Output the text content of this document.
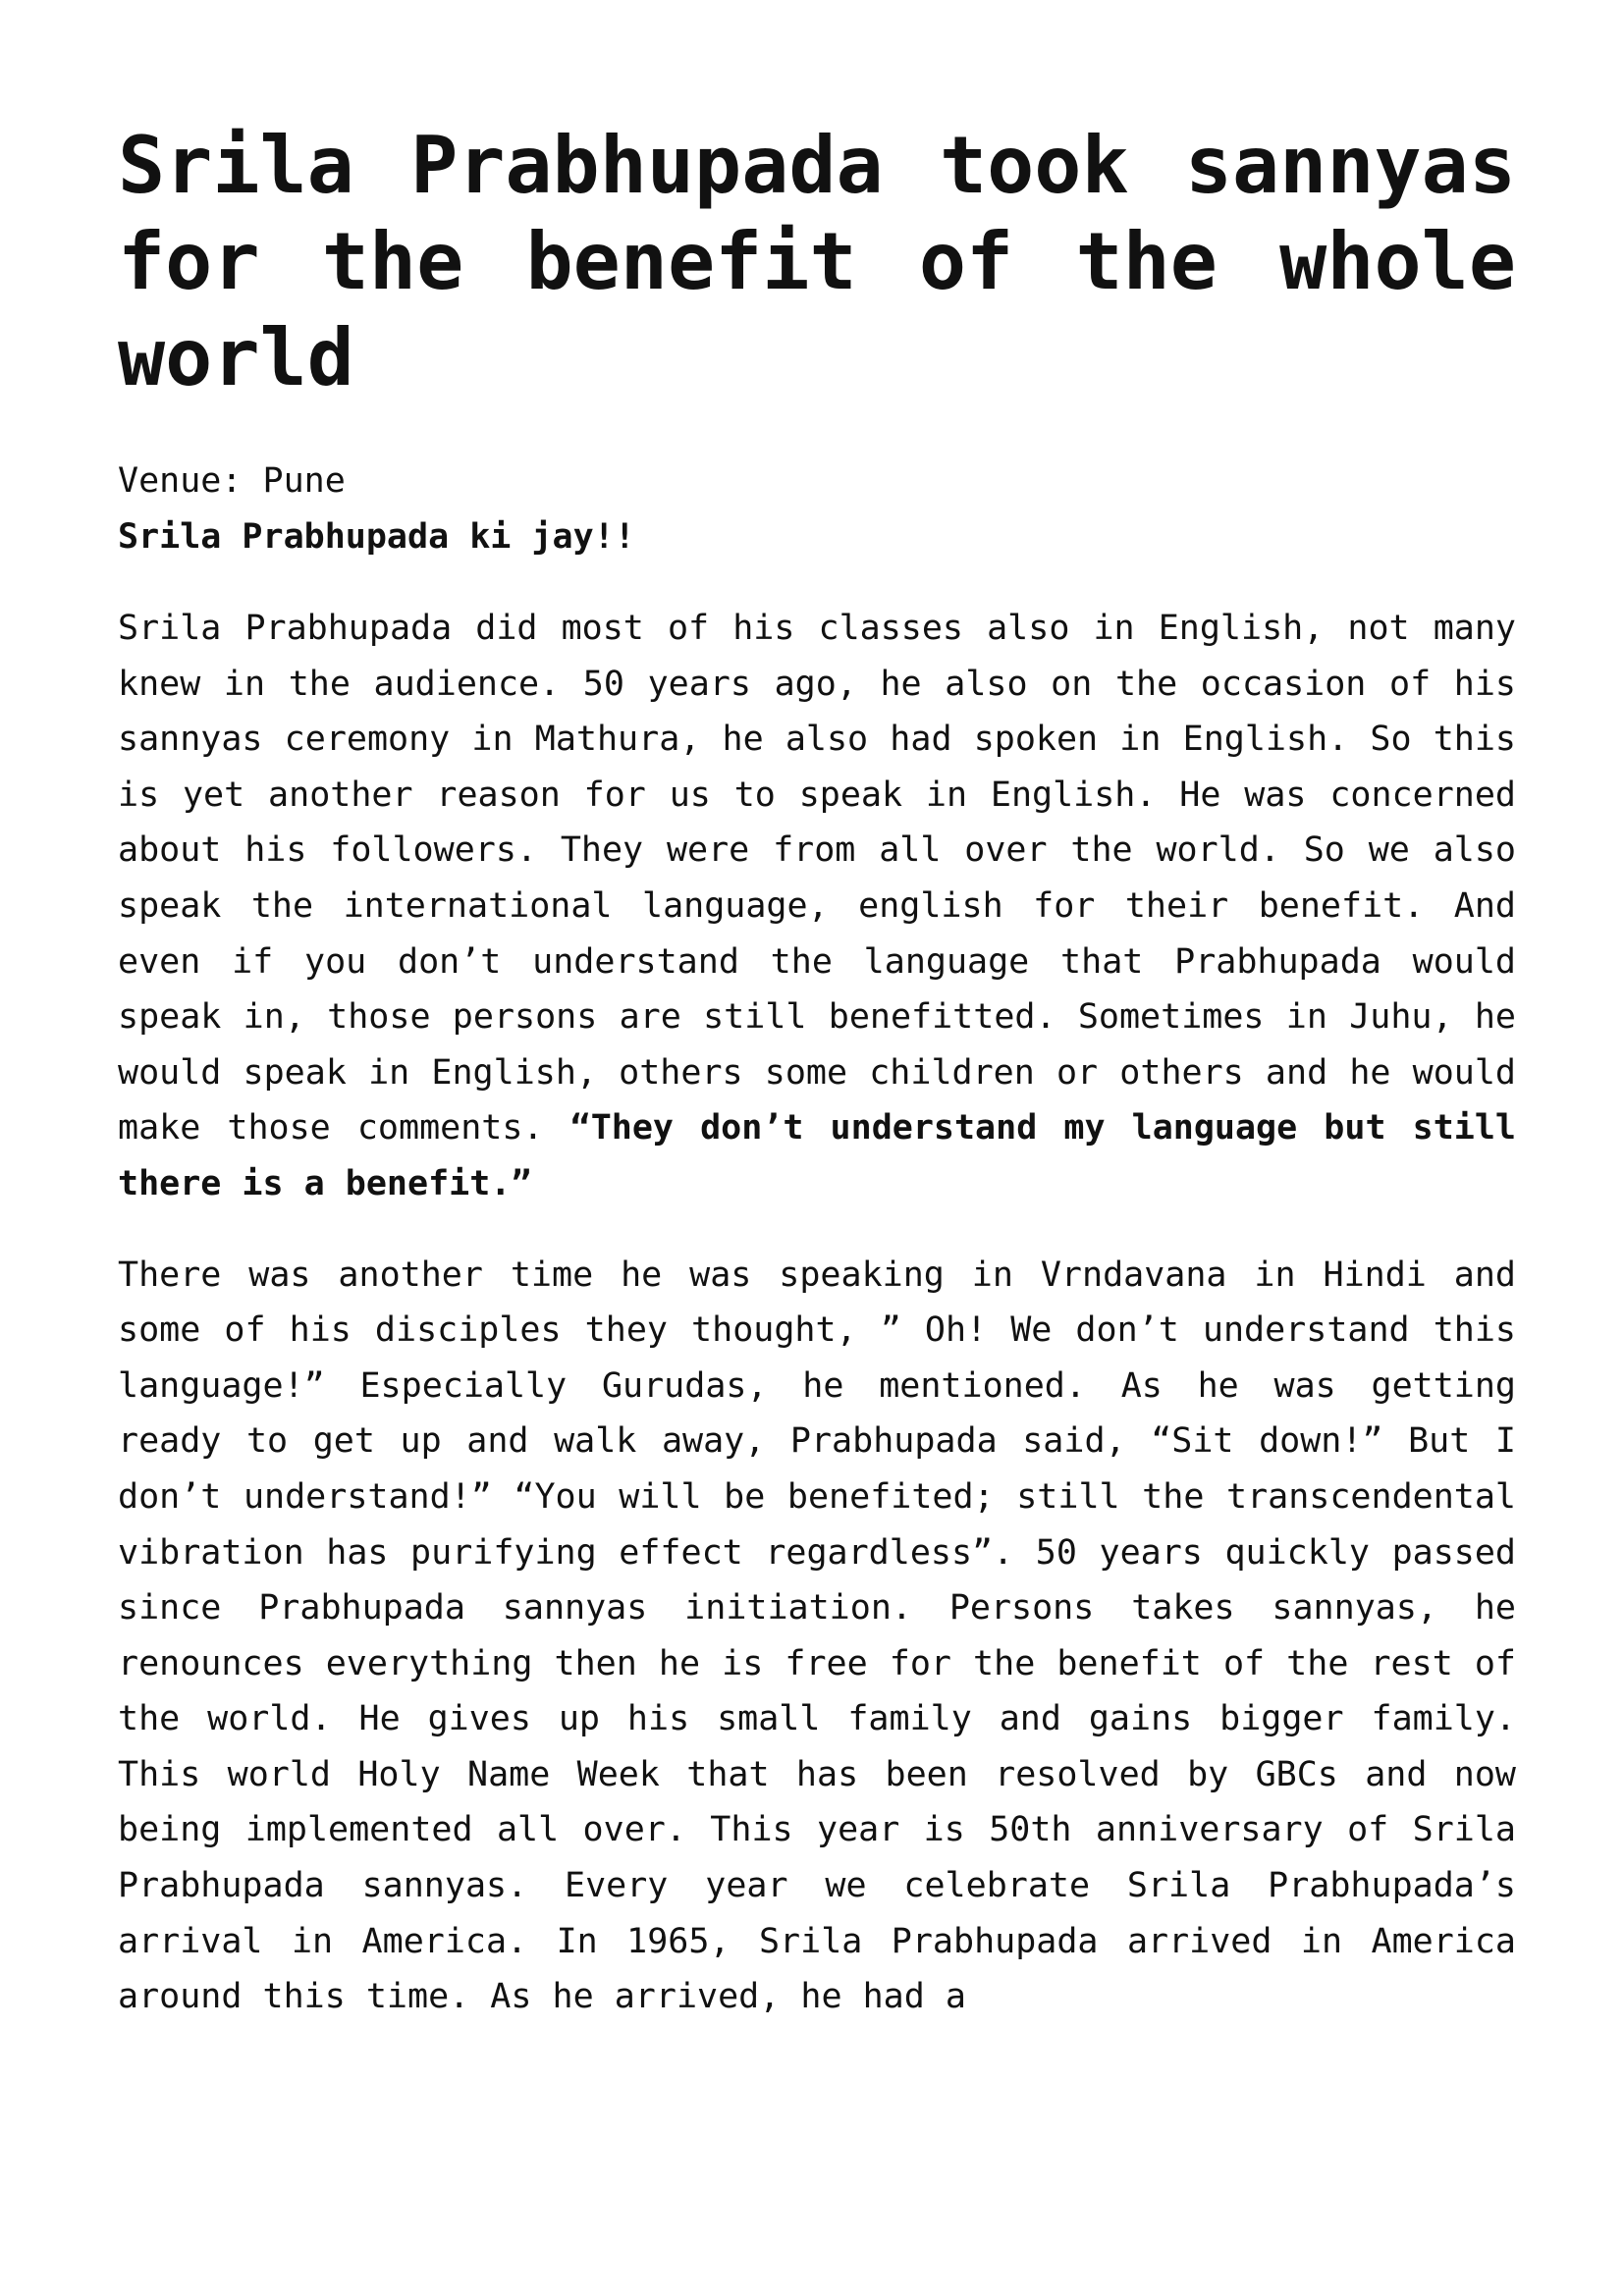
Srila Prabhupada took sannyas for the benefit of the whole world

Venue: Pune

Srila Prabhupada ki jay!!

Srila Prabhupada did most of his classes also in English, not many knew in the audience. 50 years ago, he also on the occasion of his sannyas ceremony in Mathura, he also had spoken in English. So this is yet another reason for us to speak in English. He was concerned about his followers. They were from all over the world. So we also speak the international language, english for their benefit. And even if you don’t understand the language that Prabhupada would speak in, those persons are still benefitted. Sometimes in Juhu, he would speak in English, others some children or others and he would make those comments. “They don’t understand my language but still there is a benefit.”

There was another time he was speaking in Vrndavana in Hindi and some of his disciples they thought, ” Oh! We don’t understand this language!” Especially Gurudas, he mentioned. As he was getting ready to get up and walk away, Prabhupada said, “Sit down!” But I don’t understand!” “You will be benefited; still the transcendental vibration has purifying effect regardless”. 50 years quickly passed since Prabhupada sannyas initiation. Persons takes sannyas, he renounces everything then he is free for the benefit of the rest of the world. He gives up his small family and gains bigger family. This world Holy Name Week that has been resolved by GBCs and now being implemented all over. This year is 50th anniversary of Srila Prabhupada sannyas. Every year we celebrate Srila Prabhupada’s arrival in America. In 1965, Srila Prabhupada arrived in America around this time. As he arrived, he had a
